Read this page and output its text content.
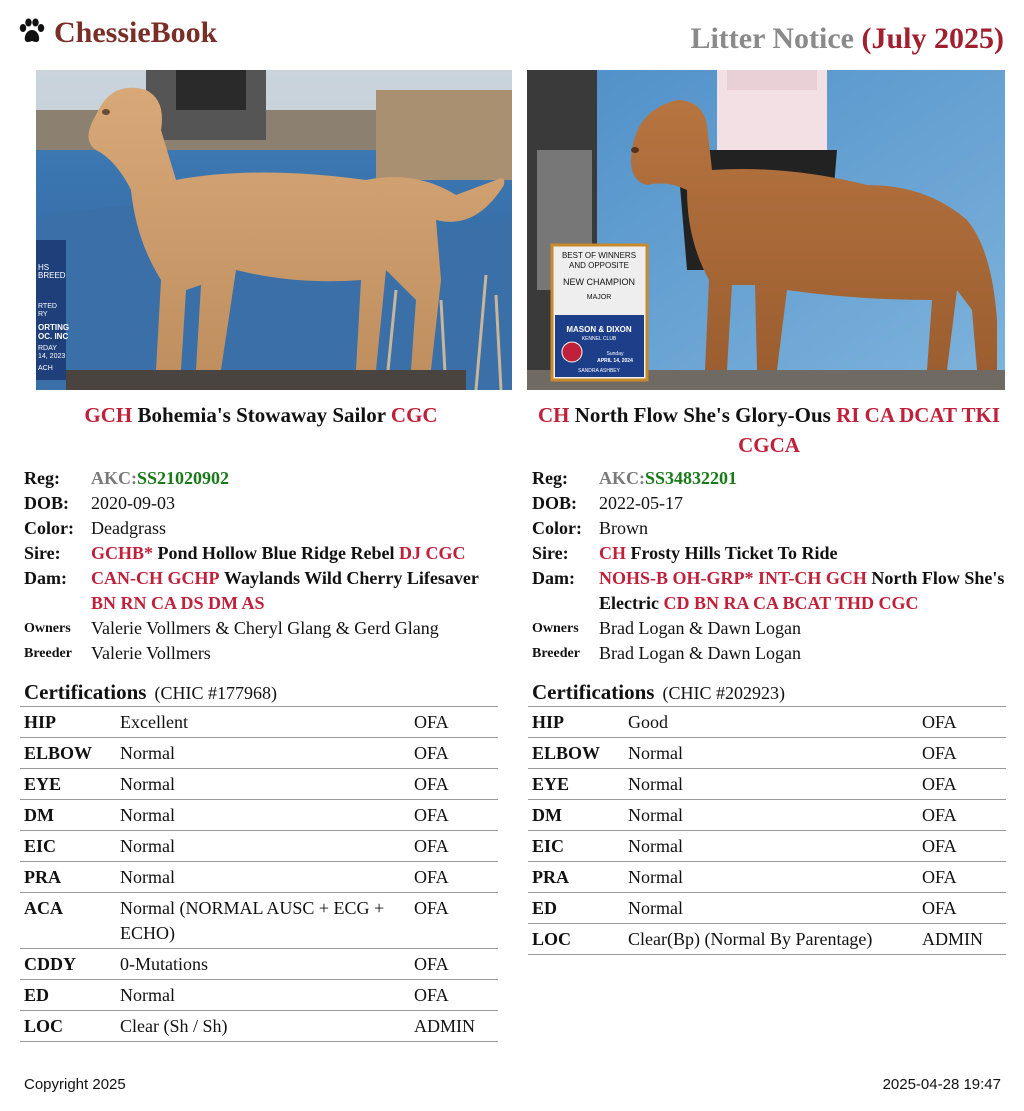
ChessieBook	Litter Notice (July 2025)
HS
BREED
RTED
RY
ORTING
OC. INC
RDAY
14, 2023
ACH
BEST OF WINNERS
AND OPPOSITE
NEW CHAMPION
MAJOR
MASON & DIXON
KENNEL CLUB
Sunday
APRIL 14, 2024
SANDRA ASHBEY
GCH Bohemia's Stowaway Sailor CGC
Reg:	AKC:SS21020902
DOB:	2020-09-03
Color: Deadgrass
Sire:	GCHB* Pond Hollow Blue Ridge Rebel DJ CGC
Dam:	CAN-CH GCHP Waylands Wild Cherry Lifesaver BN RN CA DS DM AS
Owners	Valerie Vollmers & Cheryl Glang & Gerd Glang
Breeder	Valerie Vollmers
Certifications (CHIC #177968)
HIP	Excellent	OFA
ELBOW	Normal	OFA
EYE	Normal	OFA
DM	Normal	OFA
EIC	Normal	OFA
PRA	Normal	OFA
ACA	Normal (NORMAL AUSC + ECG + ECHO)	OFA
CDDY	0-Mutations	OFA
ED	Normal	OFA
LOC	Clear (Sh / Sh)	ADMIN
CH North Flow She's Glory-Ous RI CA DCAT TKI CGCA
Reg:	AKC:SS34832201
DOB:	2022-05-17
Color: Brown
Sire:	CH Frosty Hills Ticket To Ride
Dam:	NOHS-B OH-GRP* INT-CH GCH North Flow She's Electric CD BN RA CA BCAT THD CGC
Owners	Brad Logan & Dawn Logan
Breeder	Brad Logan & Dawn Logan
Certifications (CHIC #202923)
HIP	Good	OFA
ELBOW	Normal	OFA
EYE	Normal	OFA
DM	Normal	OFA
EIC	Normal	OFA
PRA	Normal	OFA
ED	Normal	OFA
LOC	Clear(Bp) (Normal By Parentage)	ADMIN
Copyright 2025	2025-04-28 19:47
